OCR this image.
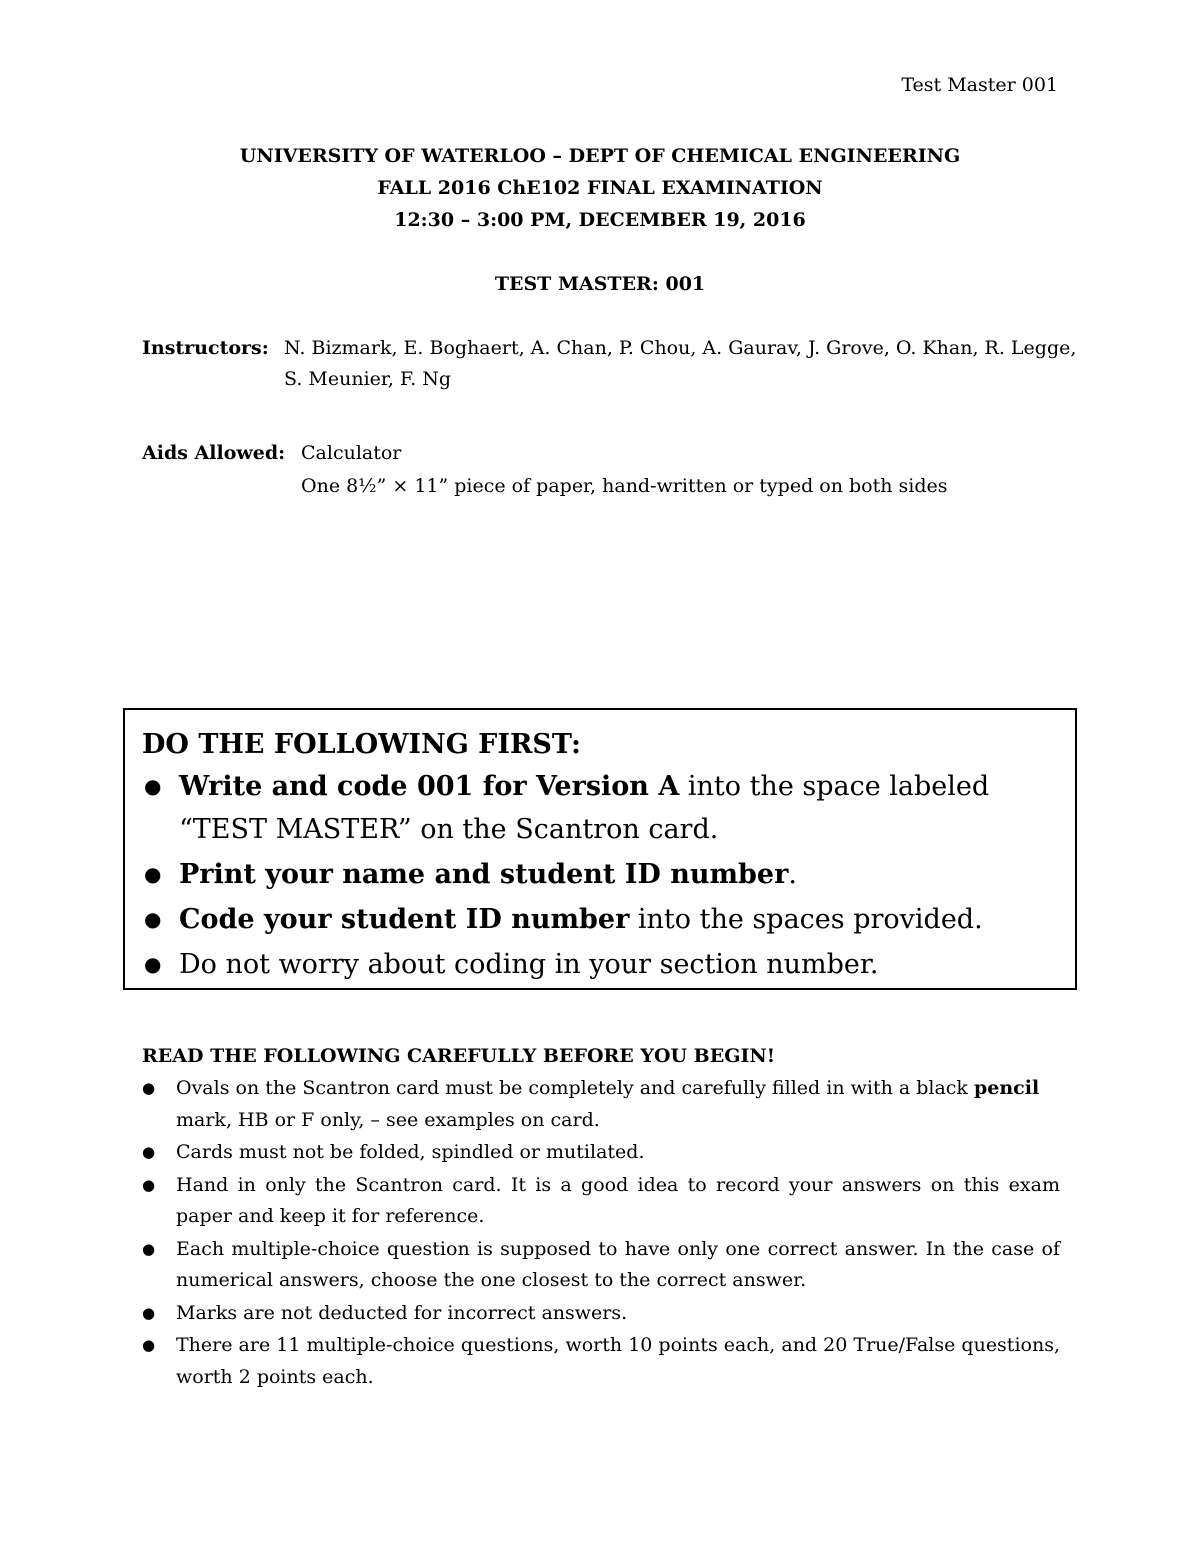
Test Master 001
UNIVERSITY OF WATERLOO – DEPT OF CHEMICAL ENGINEERING
FALL 2016 ChE102 FINAL EXAMINATION
12:30 – 3:00 PM, DECEMBER 19, 2016
TEST MASTER: 001
Instructors: N. Bizmark, E. Boghaert, A. Chan, P. Chou, A. Gaurav, J. Grove, O. Khan, R. Legge,
S. Meunier, F. Ng
Aids Allowed: Calculator
One 8½” × 11” piece of paper, hand-written or typed on both sides
DO THE FOLLOWING FIRST:
● Write and code 001 for Version A into the space labeled “TEST MASTER” on the Scantron card.
● Print your name and student ID number.
● Code your student ID number into the spaces provided.
● Do not worry about coding in your section number.
READ THE FOLLOWING CAREFULLY BEFORE YOU BEGIN!
● Ovals on the Scantron card must be completely and carefully filled in with a black pencil mark, HB or F only, – see examples on card.
● Cards must not be folded, spindled or mutilated.
● Hand in only the Scantron card. It is a good idea to record your answers on this exam paper and keep it for reference.
● Each multiple-choice question is supposed to have only one correct answer. In the case of numerical answers, choose the one closest to the correct answer.
● Marks are not deducted for incorrect answers.
● There are 11 multiple-choice questions, worth 10 points each, and 20 True/False questions, worth 2 points each.
